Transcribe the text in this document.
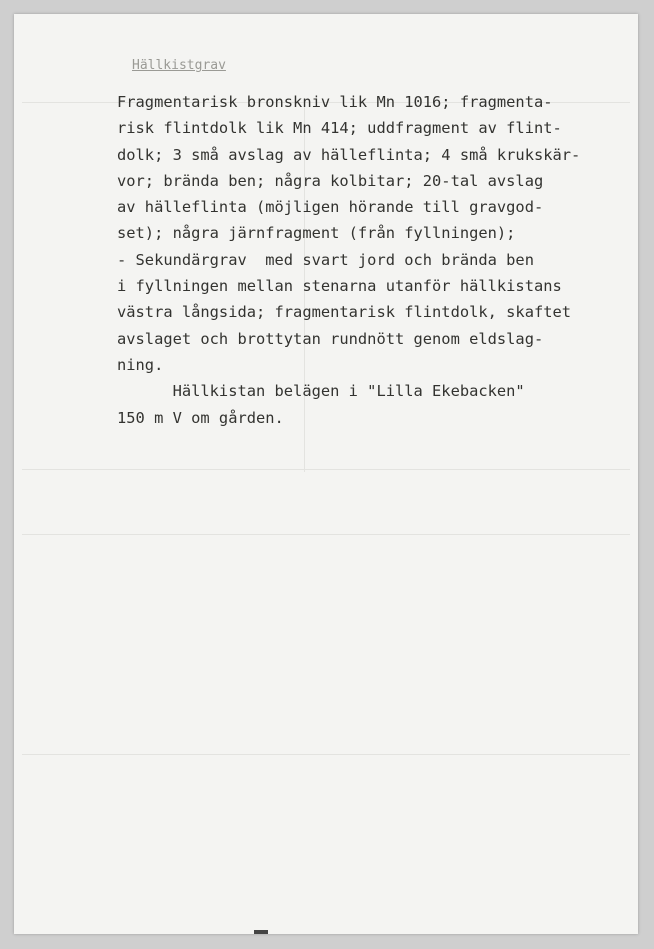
Hällkistgrav
Fragmentarisk bronskniv lik Mn 1016; fragmenta-
risk flintdolk lik Mn 414; uddfragment av flint-
dolk; 3 små avslag av hälleflinta; 4 små krukskär-
vor; brända ben; några kolbitar; 20-tal avslag
av hälleflinta (möjligen hörande till gravgod-
set); några järnfragment (från fyllningen);
- Sekundärgrav  med svart jord och brända ben
i fyllningen mellan stenarna utanför hällkistans
västra långsida; fragmentarisk flintdolk, skaftet
avslaget och brottytan rundnött genom eldslag-
ning.
Hällkistan belägen i "Lilla Ekebacken"
150 m V om gården.
